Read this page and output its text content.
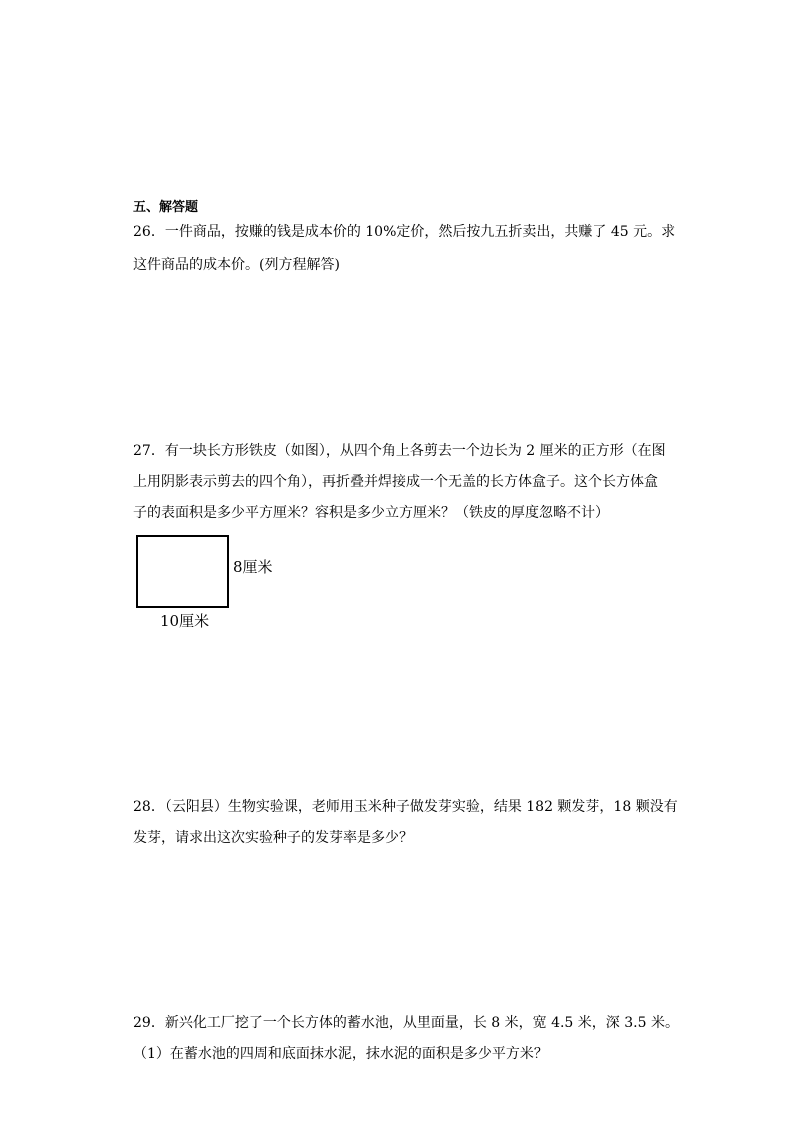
五、解答题
26．一件商品，按赚的钱是成本价的 10%定价，然后按九五折卖出，共赚了 45 元。求
这件商品的成本价。(列方程解答)
27．有一块长方形铁皮（如图），从四个角上各剪去一个边长为 2 厘米的正方形（在图
上用阴影表示剪去的四个角），再折叠并焊接成一个无盖的长方体盒子。这个长方体盒
子的表面积是多少平方厘米？容积是多少立方厘米？（铁皮的厚度忽略不计）
8厘米
10厘米
28．（云阳县）生物实验课，老师用玉米种子做发芽实验，结果 182 颗发芽，18 颗没有
发芽，请求出这次实验种子的发芽率是多少？
29．新兴化工厂挖了一个长方体的蓄水池，从里面量，长 8 米，宽 4.5 米，深 3.5 米。
（1）在蓄水池的四周和底面抹水泥，抹水泥的面积是多少平方米？
